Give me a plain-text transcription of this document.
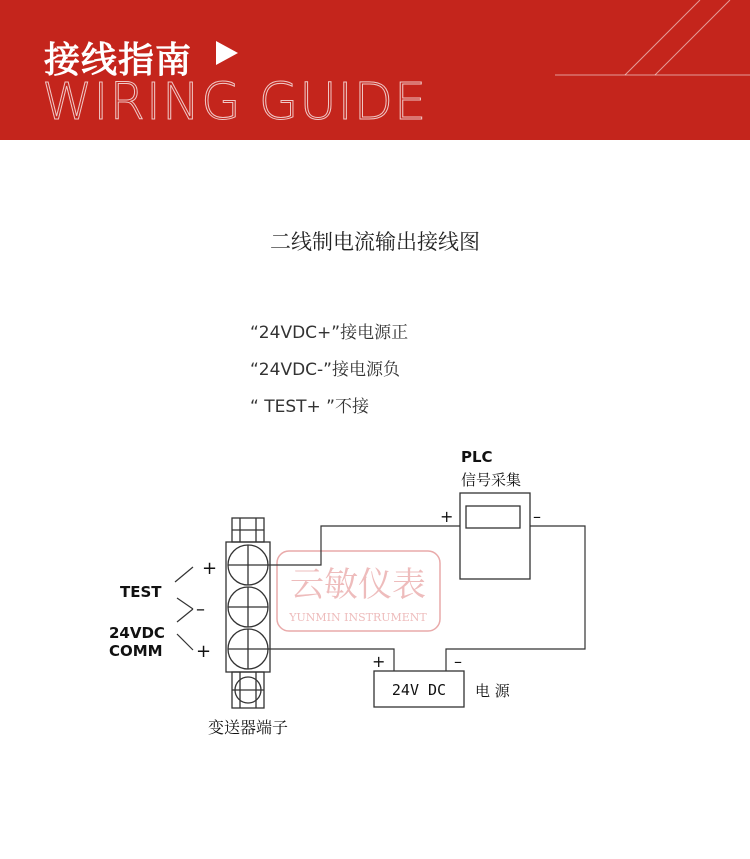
接线指南
WIRING GUIDE
二线制电流输出接线图
“24VDC+”接电源正
“24VDC-”接电源负
“ TEST+ ”不接
云敏仪表
YUNMIN INSTRUMENT
+
–
+
TEST
24VDC
COMM
PLC
信号采集
+	–
24V DC 电 源
+	–
变送器端子
